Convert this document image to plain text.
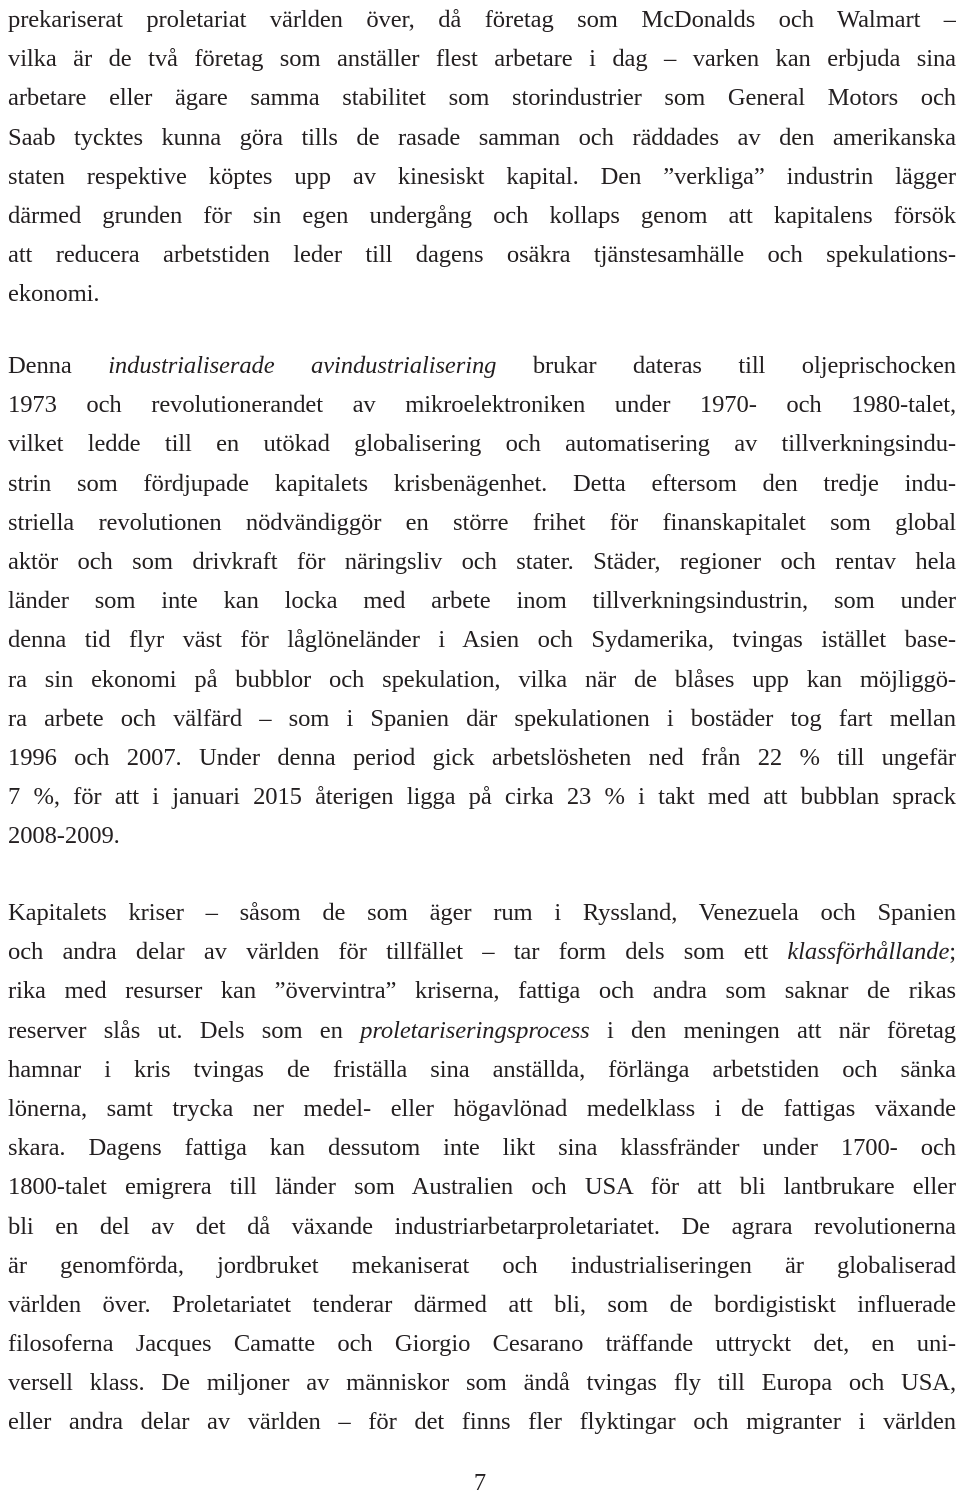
prekariserat proletariat världen över, då företag som McDonalds och Walmart –
vilka är de två företag som anställer flest arbetare i dag – varken kan erbjuda sina
arbetare eller ägare samma stabilitet som storindustrier som General Motors och
Saab tycktes kunna göra tills de rasade samman och räddades av den amerikanska
staten respektive köptes upp av kinesiskt kapital. Den ”verkliga” industrin lägger
därmed grunden för sin egen undergång och kollaps genom att kapitalens försök
att reducera arbetstiden leder till dagens osäkra tjänstesamhälle och spekulations-
ekonomi.
Denna industrialiserade avindustrialisering brukar dateras till oljeprischocken
1973 och revolutionerandet av mikroelektroniken under 1970- och 1980-talet,
vilket ledde till en utökad globalisering och automatisering av tillverkningsindu-
strin som fördjupade kapitalets krisbenägenhet. Detta eftersom den tredje indu-
striella revolutionen nödvändiggör en större frihet för finanskapitalet som global
aktör och som drivkraft för näringsliv och stater. Städer, regioner och rentav hela
länder som inte kan locka med arbete inom tillverkningsindustrin, som under
denna tid flyr väst för låglöneländer i Asien och Sydamerika, tvingas istället base-
ra sin ekonomi på bubblor och spekulation, vilka när de blåses upp kan möjliggö-
ra arbete och välfärd – som i Spanien där spekulationen i bostäder tog fart mellan
1996 och 2007. Under denna period gick arbetslösheten ned från 22 % till ungefär
7 %, för att i januari 2015 återigen ligga på cirka 23 % i takt med att bubblan sprack
2008-2009.
Kapitalets kriser – såsom de som äger rum i Ryssland, Venezuela och Spanien
och andra delar av världen för tillfället – tar form dels som ett klassförhållande;
rika med resurser kan ”övervintra” kriserna, fattiga och andra som saknar de rikas
reserver slås ut. Dels som en proletariseringsprocess i den meningen att när företag
hamnar i kris tvingas de friställa sina anställda, förlänga arbetstiden och sänka
lönerna, samt trycka ner medel- eller högavlönad medelklass i de fattigas växande
skara. Dagens fattiga kan dessutom inte likt sina klassfränder under 1700- och
1800-talet emigrera till länder som Australien och USA för att bli lantbrukare eller
bli en del av det då växande industriarbetarproletariatet. De agrara revolutionerna
är genomförda, jordbruket mekaniserat och industrialiseringen är globaliserad
världen över. Proletariatet tenderar därmed att bli, som de bordigistiskt influerade
filosoferna Jacques Camatte och Giorgio Cesarano träffande uttryckt det, en uni-
versell klass. De miljoner av människor som ändå tvingas fly till Europa och USA,
eller andra delar av världen – för det finns fler flyktingar och migranter i världen
7
